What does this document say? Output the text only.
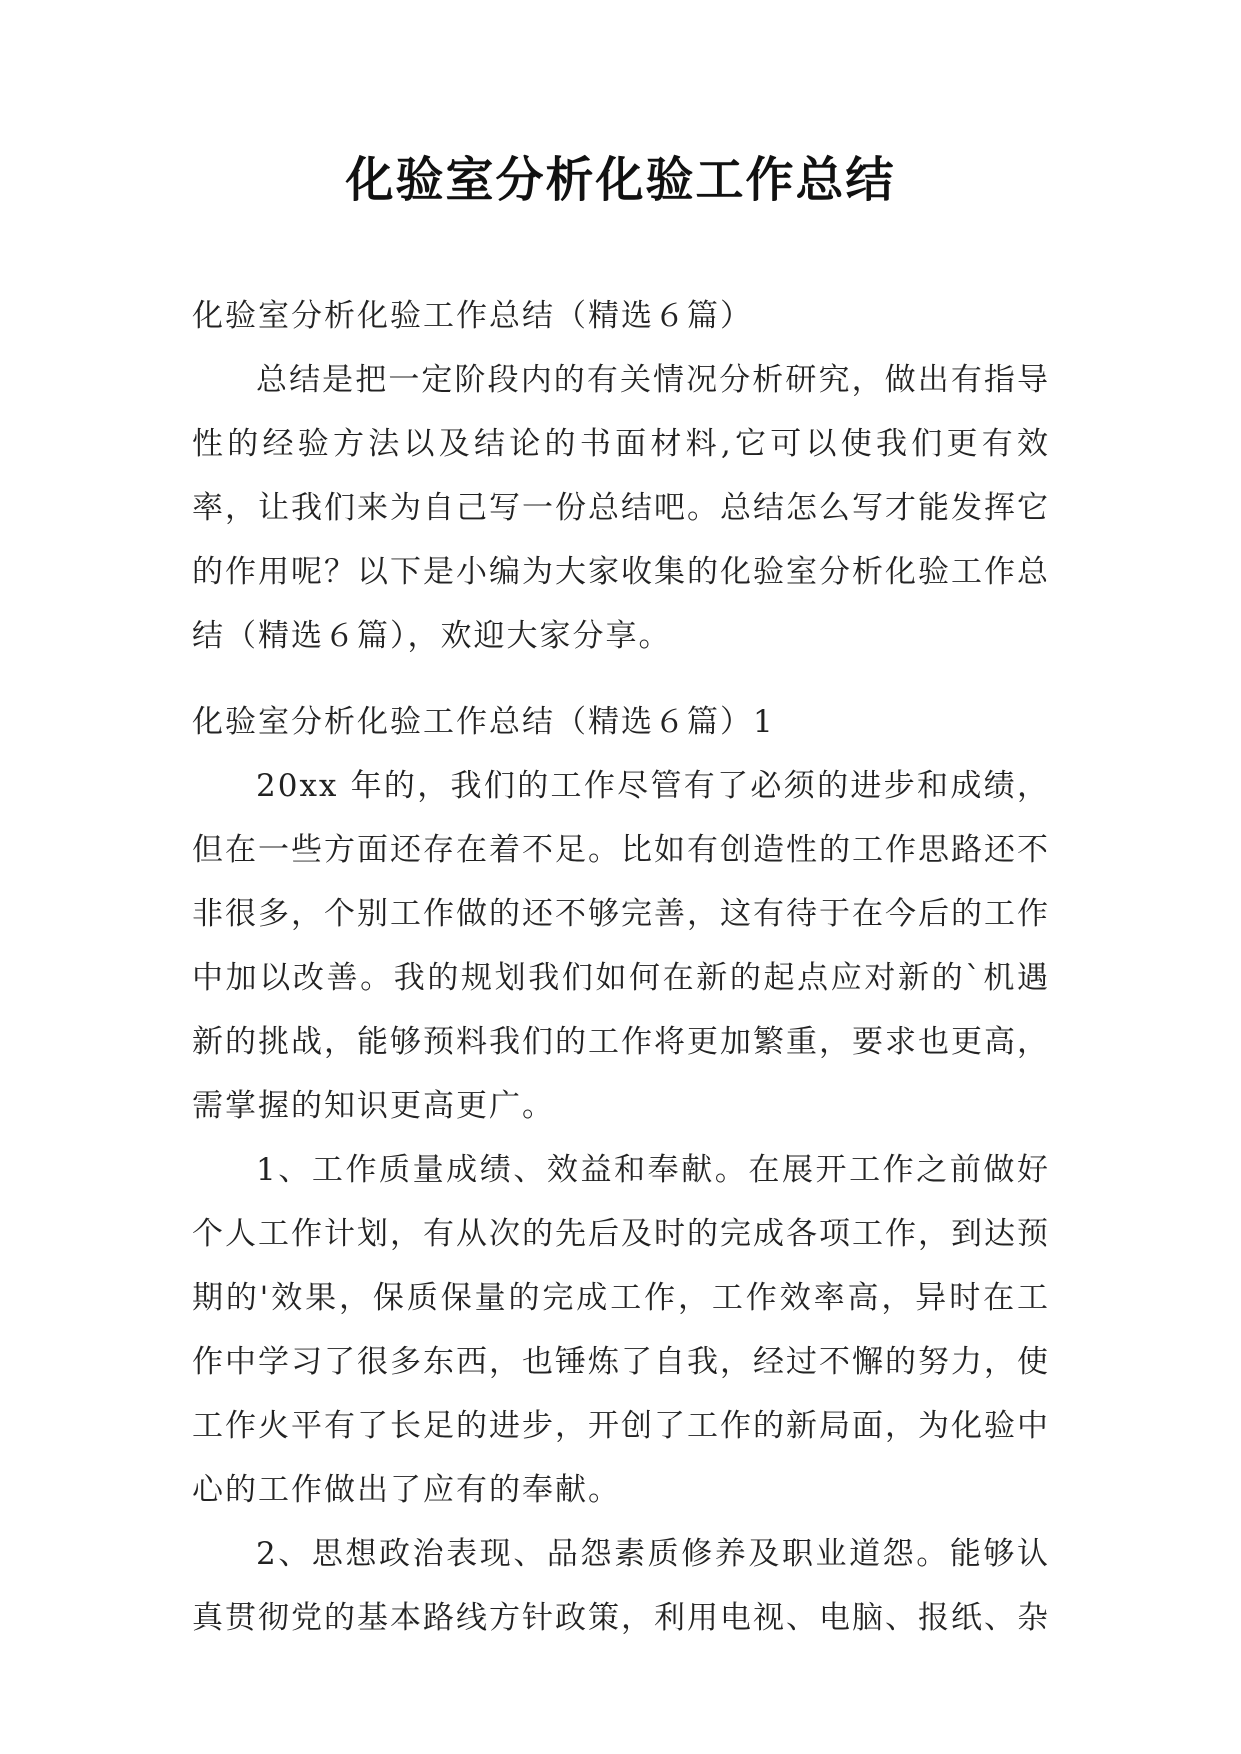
化验室分析化验工作总结

化验室分析化验工作总结（精选６篇）

总结是把一定阶段内的有关情况分析研究，做出有指导性的经验方法以及结论的书面材料,它可以使我们更有效率，让我们来为自己写一份总结吧。总结怎么写才能发挥它的作用呢？以下是小编为大家收集的化验室分析化验工作总结（精选６篇），欢迎大家分享。

化验室分析化验工作总结（精选６篇）1

20xx 年的，我们的工作尽管有了必须的进步和成绩，但在一些方面还存在着不足。比如有创造性的工作思路还不非很多，个别工作做的还不够完善，这有待于在今后的工作中加以改善。我的规划我们如何在新的起点应对新的`机遇新的挑战，能够预料我们的工作将更加繁重，要求也更高，需掌握的知识更高更广。

1、工作质量成绩、效益和奉献。在展开工作之前做好个人工作计划，有从次的先后及时的完成各项工作，到达预期的'效果，保质保量的完成工作，工作效率高，异时在工作中学习了很多东西，也锤炼了自我，经过不懈的努力，使工作火平有了长足的进步，开创了工作的新局面，为化验中心的工作做出了应有的奉献。

2、思想政治表现、品怨素质修养及职业道怨。能够认真贯彻党的基本路线方针政策，利用电视、电脑、报纸、杂
